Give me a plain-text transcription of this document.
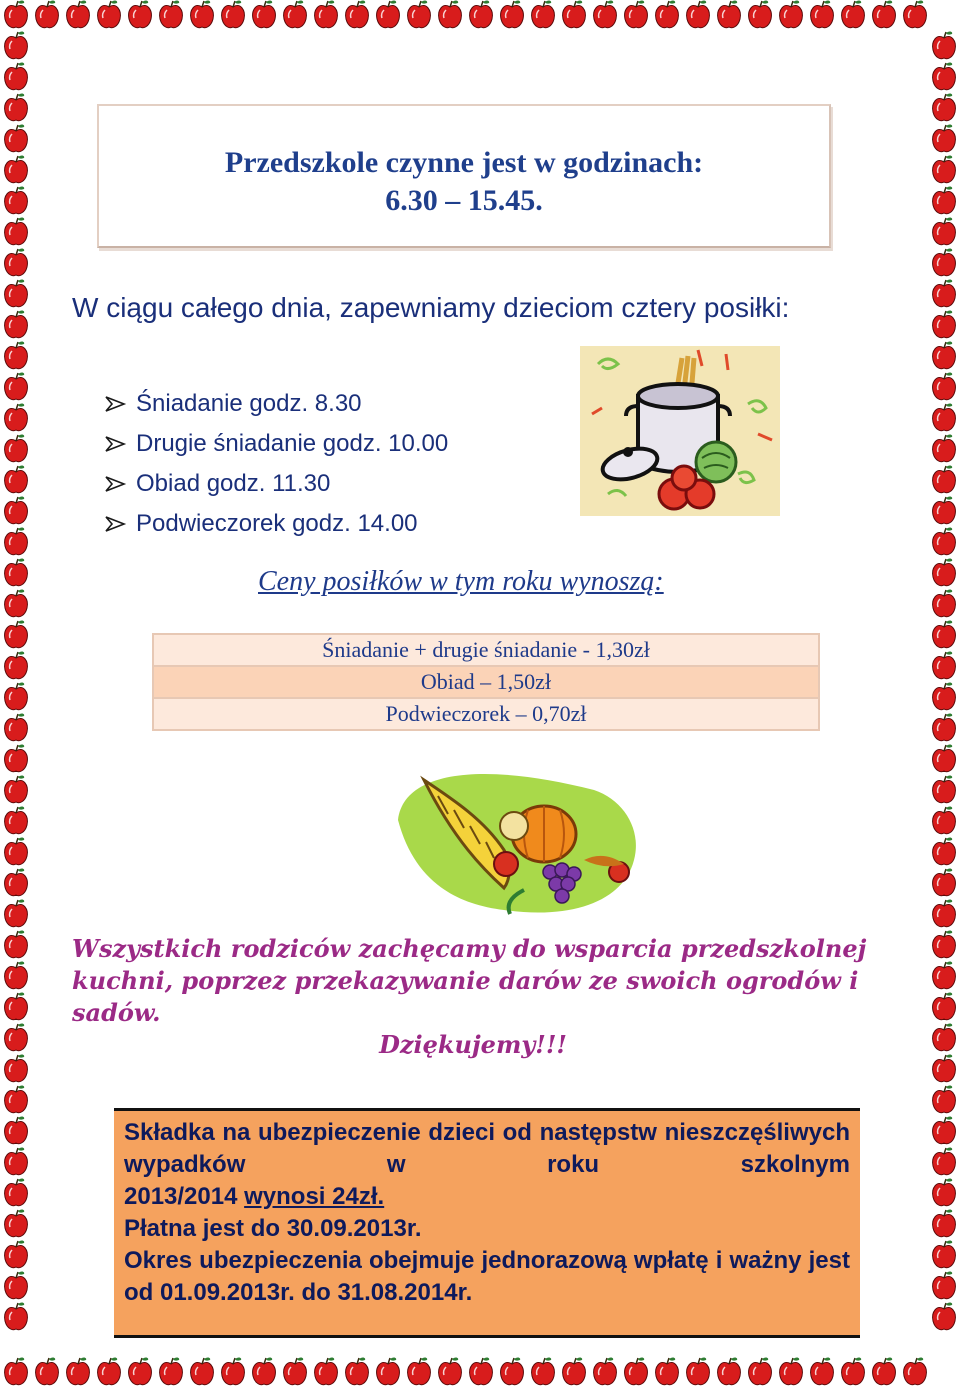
Przedszkole czynne jest w godzinach:
6.30 – 15.45.
W ciągu całego dnia, zapewniamy dzieciom cztery posiłki:
Śniadanie godz. 8.30
Drugie śniadanie godz. 10.00
Obiad godz. 11.30
Podwieczorek godz. 14.00
Ceny posiłków w tym roku wynoszą:
Śniadanie + drugie śniadanie - 1,30zł
Obiad – 1,50zł
Podwieczorek – 0,70zł
Wszystkich rodziców zachęcamy do wsparcia przedszkolnej kuchni, poprzez przekazywanie darów ze swoich ogrodów i sadów.
Dziękujemy!!!

Składka na ubezpieczenie dzieci od następstw nieszczęśliwych wypadków w roku szkolnym

2013/2014 wynosi 24zł.

Płatna jest do 30.09.2013r.

Okres ubezpieczenia obejmuje jednorazową wpłatę i ważny jest od 01.09.2013r. do 31.08.2014r.
